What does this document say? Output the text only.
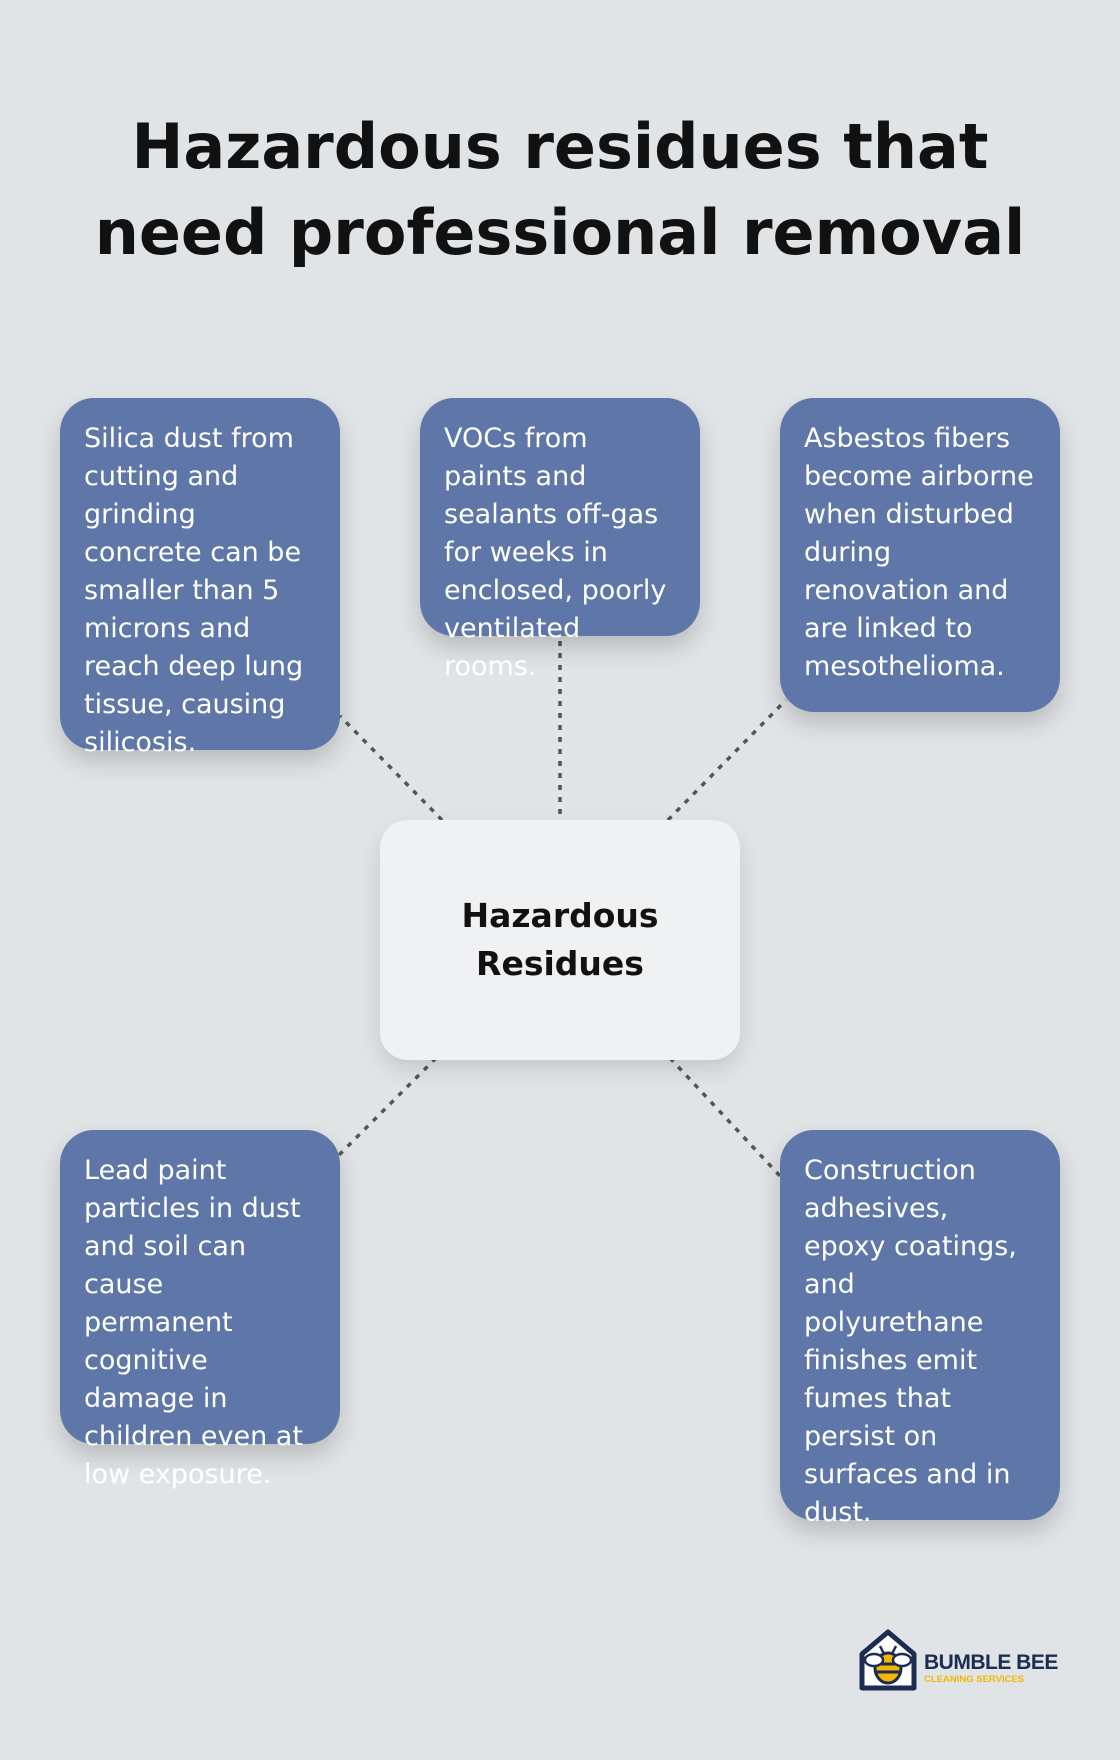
Hazardous residues that need professional removal
Silica dust from cutting and grinding concrete can be smaller than 5 microns and reach deep lung tissue, causing silicosis.
VOCs from paints and sealants off-gas for weeks in enclosed, poorly ventilated rooms.
Asbestos fibers become airborne when disturbed during renovation and are linked to mesothelioma.
Hazardous Residues
Lead paint particles in dust and soil can cause permanent cognitive damage in children even at low exposure.
Construction adhesives, epoxy coatings, and polyurethane finishes emit fumes that persist on surfaces and in dust.
BUMBLE BEE
CLEANING SERVICES
